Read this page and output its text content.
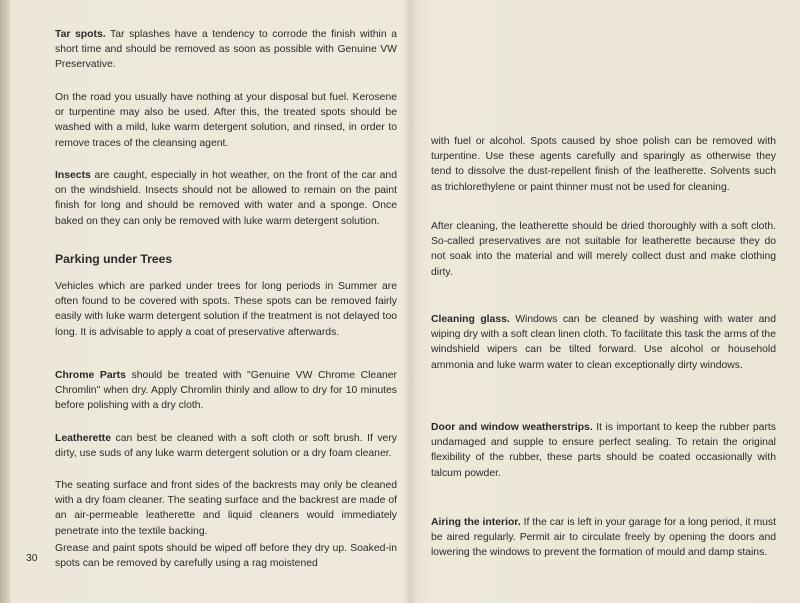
Tar spots. Tar splashes have a tendency to corrode the finish within a short time and should be removed as soon as possible with Genuine VW Preservative.

On the road you usually have nothing at your disposal but fuel. Kerosene or turpentine may also be used. After this, the treated spots should be washed with a mild, luke warm detergent solution, and rinsed, in order to remove traces of the cleansing agent.

Insects are caught, especially in hot weather, on the front of the car and on the windshield. Insects should not be allowed to remain on the paint finish for long and should be removed with water and a sponge. Once baked on they can only be removed with luke warm detergent solution.

Parking under Trees

Vehicles which are parked under trees for long periods in Summer are often found to be covered with spots. These spots can be removed fairly easily with luke warm detergent solution if the treatment is not delayed too long. It is advisable to apply a coat of preservative afterwards.

Chrome Parts should be treated with "Genuine VW Chrome Cleaner Chromlin" when dry. Apply Chromlin thinly and allow to dry for 10 minutes before polishing with a dry cloth.

Leatherette can best be cleaned with a soft cloth or soft brush. If very dirty, use suds of any luke warm detergent solution or a dry foam cleaner.

The seating surface and front sides of the backrests may only be cleaned with a dry foam cleaner. The seating surface and the backrest are made of an air-permeable leatherette and liquid cleaners would immediately penetrate into the textile backing.

Grease and paint spots should be wiped off before they dry up. Soaked-in spots can be removed by carefully using a rag moistened

30

with fuel or alcohol. Spots caused by shoe polish can be removed with turpentine. Use these agents carefully and sparingly as otherwise they tend to dissolve the dust-repellent finish of the leatherette. Solvents such as trichlorethylene or paint thinner must not be used for cleaning.

After cleaning, the leatherette should be dried thoroughly with a soft cloth. So-called preservatives are not suitable for leatherette because they do not soak into the material and will merely collect dust and make clothing dirty.

Cleaning glass. Windows can be cleaned by washing with water and wiping dry with a soft clean linen cloth. To facilitate this task the arms of the windshield wipers can be tilted forward. Use alcohol or household ammonia and luke warm water to clean exceptionally dirty windows.

Door and window weatherstrips. It is important to keep the rubber parts undamaged and supple to ensure perfect sealing. To retain the original flexibility of the rubber, these parts should be coated occasionally with talcum powder.

Airing the interior. If the car is left in your garage for a long period, it must be aired regularly. Permit air to circulate freely by opening the doors and lowering the windows to prevent the formation of mould and damp stains.
